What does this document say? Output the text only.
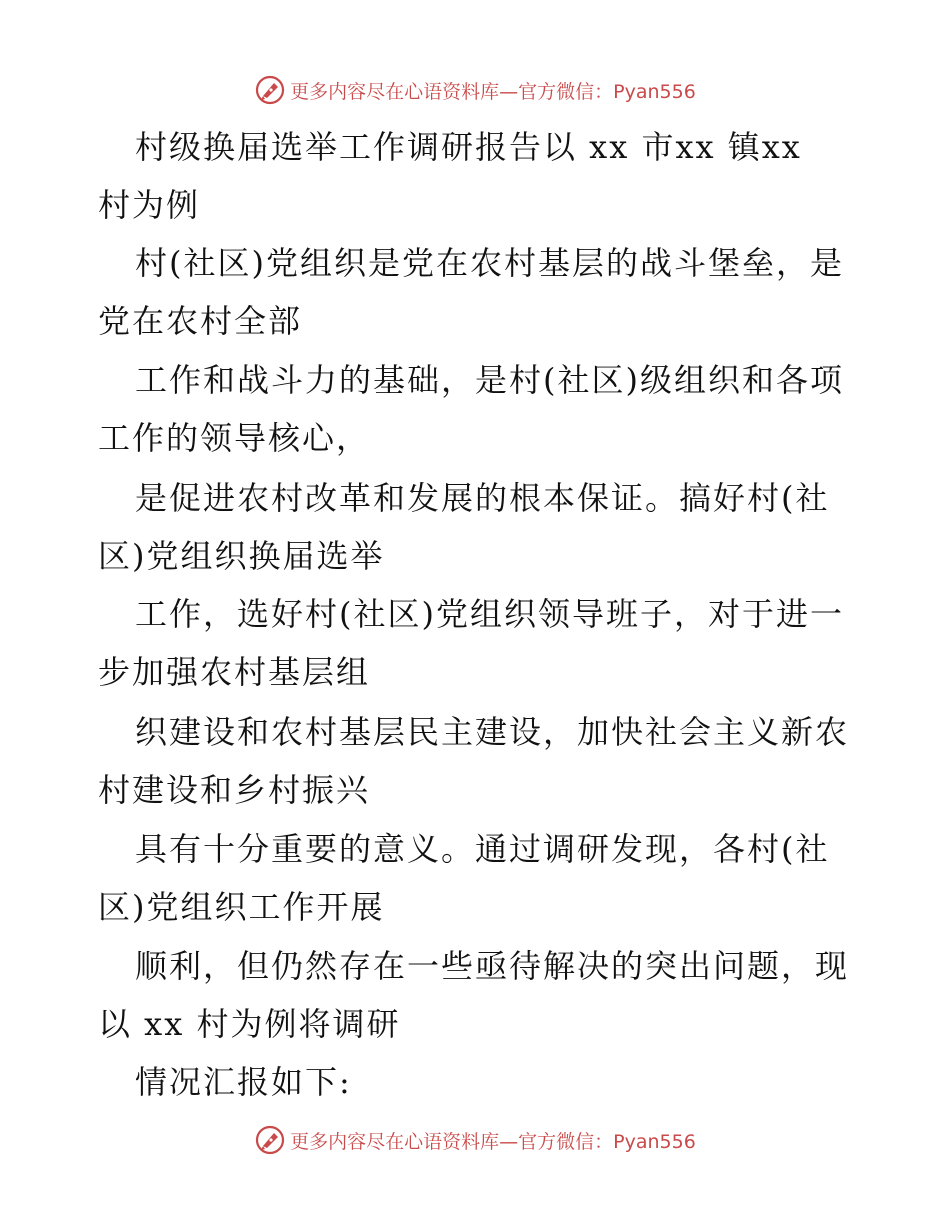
更多内容尽在心语资料库—官方微信：Pyan556
村级换届选举工作调研报告以 xx 市xx 镇xx
村为例
村(社区)党组织是党在农村基层的战斗堡垒，是
党在农村全部
工作和战斗力的基础，是村(社区)级组织和各项
工作的领导核心，
是促进农村改革和发展的根本保证。搞好村(社
区)党组织换届选举
工作，选好村(社区)党组织领导班子，对于进一
步加强农村基层组
织建设和农村基层民主建设，加快社会主义新农
村建设和乡村振兴
具有十分重要的意义。通过调研发现，各村(社
区)党组织工作开展
顺利，但仍然存在一些亟待解决的突出问题，现
以 xx 村为例将调研
情况汇报如下:
更多内容尽在心语资料库—官方微信：Pyan556
